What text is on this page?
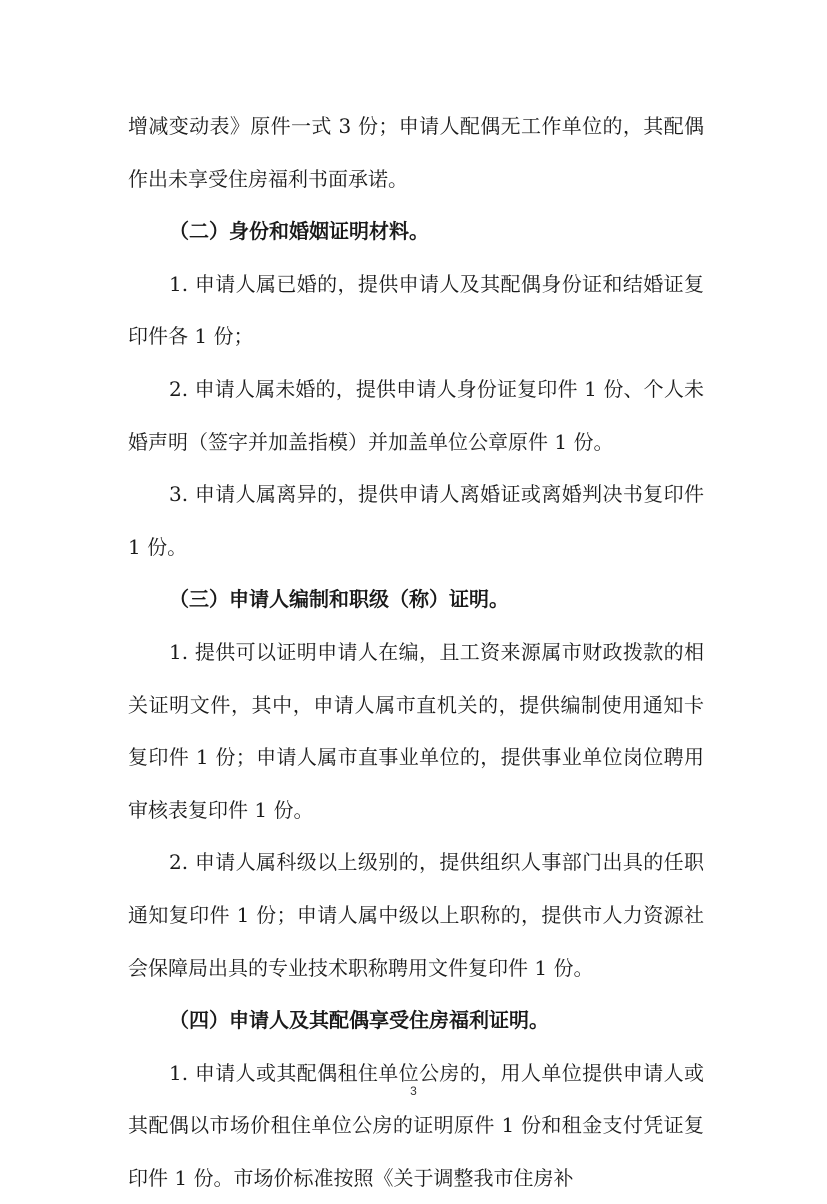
增减变动表》原件一式 3 份；申请人配偶无工作单位的，其配偶作出未享受住房福利书面承诺。

（二）身份和婚姻证明材料。

1. 申请人属已婚的，提供申请人及其配偶身份证和结婚证复印件各 1 份；

2. 申请人属未婚的，提供申请人身份证复印件 1 份、个人未婚声明（签字并加盖指模）并加盖单位公章原件 1 份。

3. 申请人属离异的，提供申请人离婚证或离婚判决书复印件 1 份。

（三）申请人编制和职级（称）证明。

1. 提供可以证明申请人在编，且工资来源属市财政拨款的相关证明文件，其中，申请人属市直机关的，提供编制使用通知卡复印件 1 份；申请人属市直事业单位的，提供事业单位岗位聘用审核表复印件 1 份。

2. 申请人属科级以上级别的，提供组织人事部门出具的任职通知复印件 1 份；申请人属中级以上职称的，提供市人力资源社会保障局出具的专业技术职称聘用文件复印件 1 份。

（四）申请人及其配偶享受住房福利证明。

1. 申请人或其配偶租住单位公房的，用人单位提供申请人或其配偶以市场价租住单位公房的证明原件 1 份和租金支付凭证复印件 1 份。市场价标准按照《关于调整我市住房补

3
